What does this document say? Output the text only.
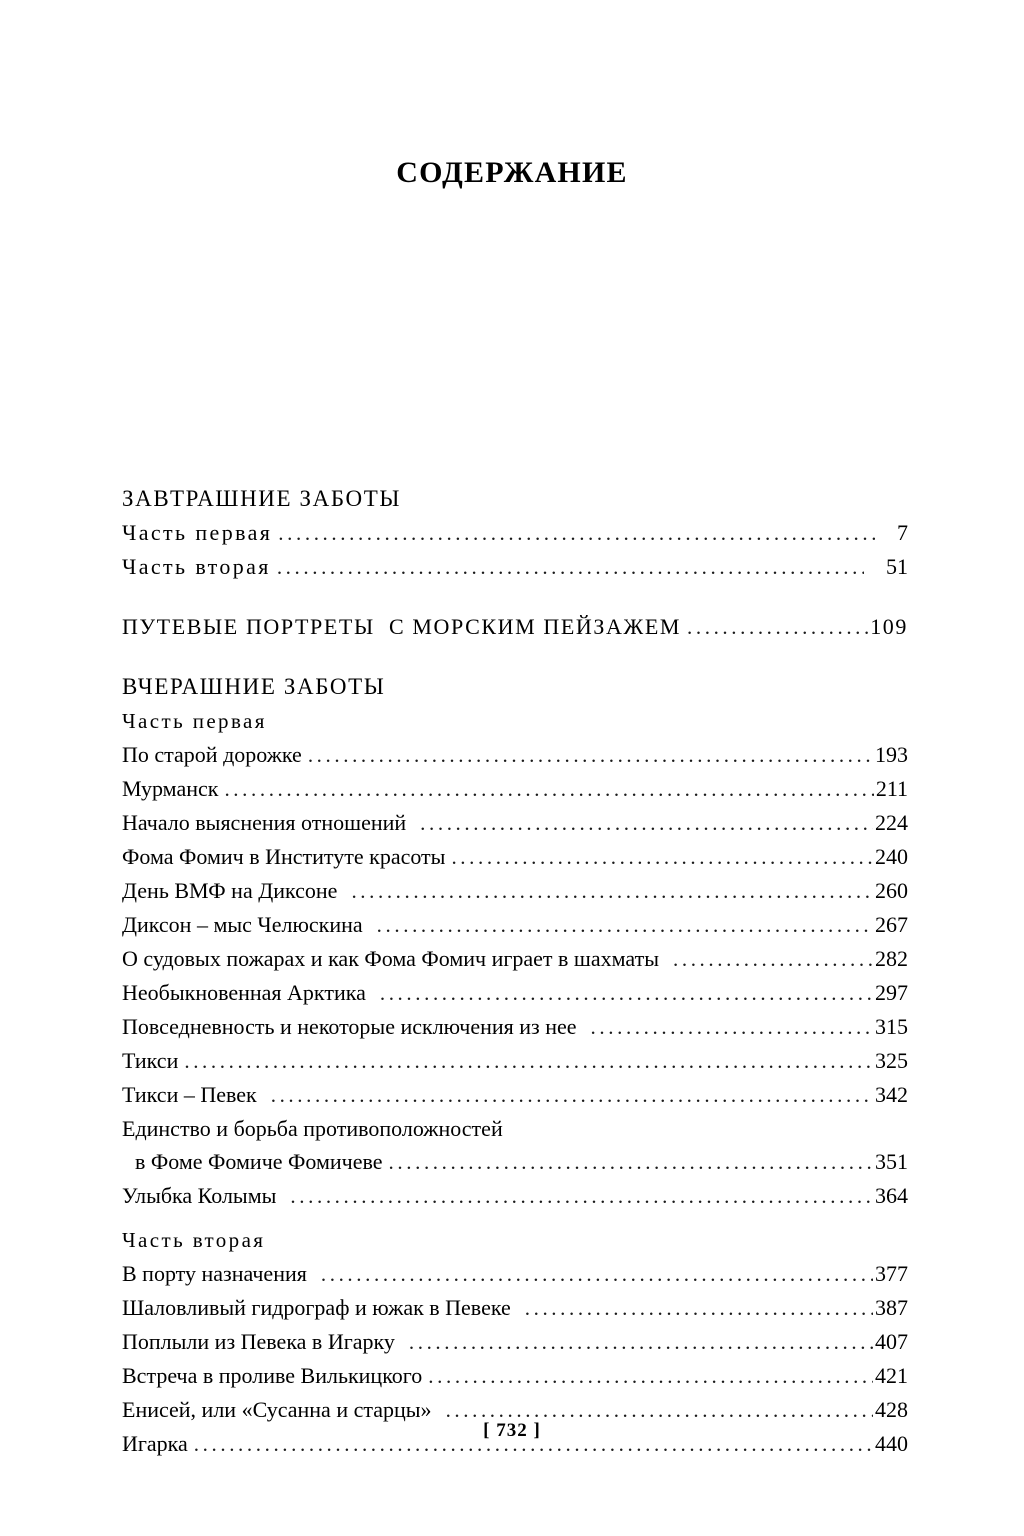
СОДЕРЖАНИЕ
ЗАВТРАШНИЕ ЗАБОТЫ
Часть первая .....	7
Часть вторая .....	51
ПУТЕВЫЕ ПОРТРЕТЫ  С МОРСКИМ ПЕЙЗАЖЕМ .....	109
ВЧЕРАШНИЕ ЗАБОТЫ
Часть первая
По старой дорожке .....	193
Мурманск .....	211
Начало выяснения отношений .....	224
Фома Фомич в Институте красоты .....	240
День ВМФ на Диксоне .....	260
Диксон – мыс Челюскина .....	267
О судовых пожарах и как Фома Фомич играет в шахматы .....	282
Необыкновенная Арктика .....	297
Повседневность и некоторые исключения из нее .....	315
Тикси .....	325
Тикси – Певек .....	342
Единство и борьба противоположностей
в Фоме Фомиче Фомичеве .....	351
Улыбка Колымы .....	364
Часть вторая
В порту назначения .....	377
Шаловливый гидрограф и южак в Певеке .....	387
Поплыли из Певека в Игарку .....	407
Встреча в проливе Вилькицкого .....	421
Енисей, или «Сусанна и старцы» .....	428
Игарка .....	440
[ 732 ]
